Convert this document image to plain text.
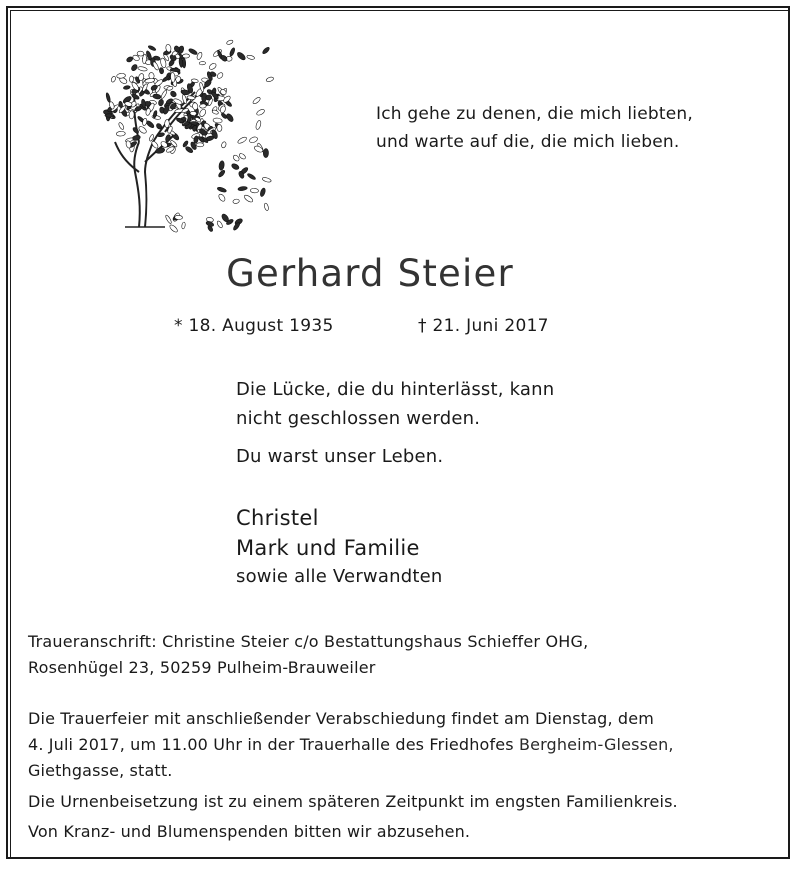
Ich gehe zu denen, die mich liebten,
und warte auf die, die mich lieben.
Gerhard Steier
* 18. August 1935	† 21. Juni 2017
Die Lücke, die du hinterlässt, kann
nicht geschlossen werden.
Du warst unser Leben.
Christel
Mark und Familie
sowie alle Verwandten
Traueranschrift: Christine Steier c/o Bestattungshaus Schieffer OHG,
Rosenhügel 23, 50259 Pulheim-Brauweiler
Die Trauerfeier mit anschließender Verabschiedung findet am Dienstag, dem
4. Juli 2017, um 11.00 Uhr in der Trauerhalle des Friedhofes Bergheim-Glessen,
Giethgasse, statt.
Die Urnenbeisetzung ist zu einem späteren Zeitpunkt im engsten Familienkreis.
Von Kranz- und Blumenspenden bitten wir abzusehen.
